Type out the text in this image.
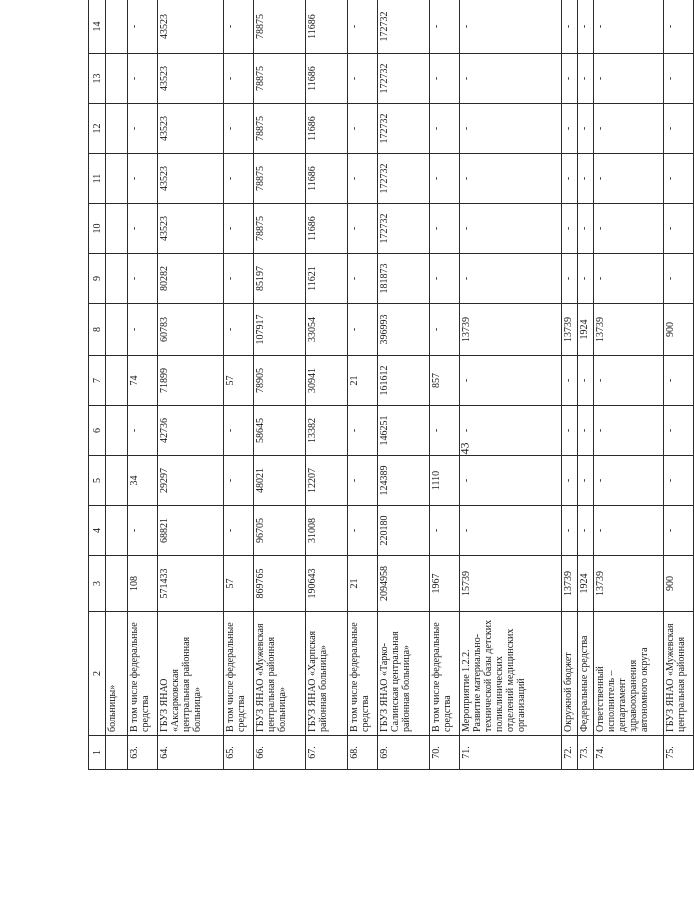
43
1	2	3	4	5	6	7	8	9	10	11	12	13	14
	больницы»												
63.	В том числе федеральные средства	108	-	34	-	74	-	-	-	-	-	-	-
64.	ГБУЗ ЯНАО «Аксарковская центральная районная больница»	571433	68821	29297	42736	71899	60783	80282	43523	43523	43523	43523	43523
65.	В том числе федеральные средства	57	-	-	-	57	-	-	-	-	-	-	-
66.	ГБУЗ ЯНАО «Мужевская центральная районная больница»	869765	96705	48021	58645	78905	107917	85197	78875	78875	78875	78875	78875
67.	ГБУЗ ЯНАО «Харпская районная больница»	190643	31008	12207	13382	30941	33054	11621	11686	11686	11686	11686	11686
68.	В том числе федеральные средства	21	-	-	-	21	-	-	-	-	-	-	-
69.	ГБУЗ ЯНАО «Тарко-Салинская центральная районная больница»	2094958	220180	124389	146251	161612	396993	181873	172732	172732	172732	172732	172732
70.	В том числе федеральные средства	1967	-	1110	-	857	-	-	-	-	-	-	-
71.	Мероприятие 1.2.2. Развитие материально-технической базы детских поликлинических отделений медицинских организаций	15739	-	-	-	-	13739	-	-	-	-	-	-
72.	Окружной бюджет	13739	-	-	-	-	13739	-	-	-	-	-	-
73.	Федеральные средства	1924	-	-	-	-	1924	-	-	-	-	-	-
74.	Ответственный исполнитель – департамент здравоохранения автономного округа	13739	-	-	-	-	13739	-	-	-	-	-	-
75.	ГБУЗ ЯНАО «Мужевская центральная районная	900	-	-	-	-	900	-	-	-	-	-	-
